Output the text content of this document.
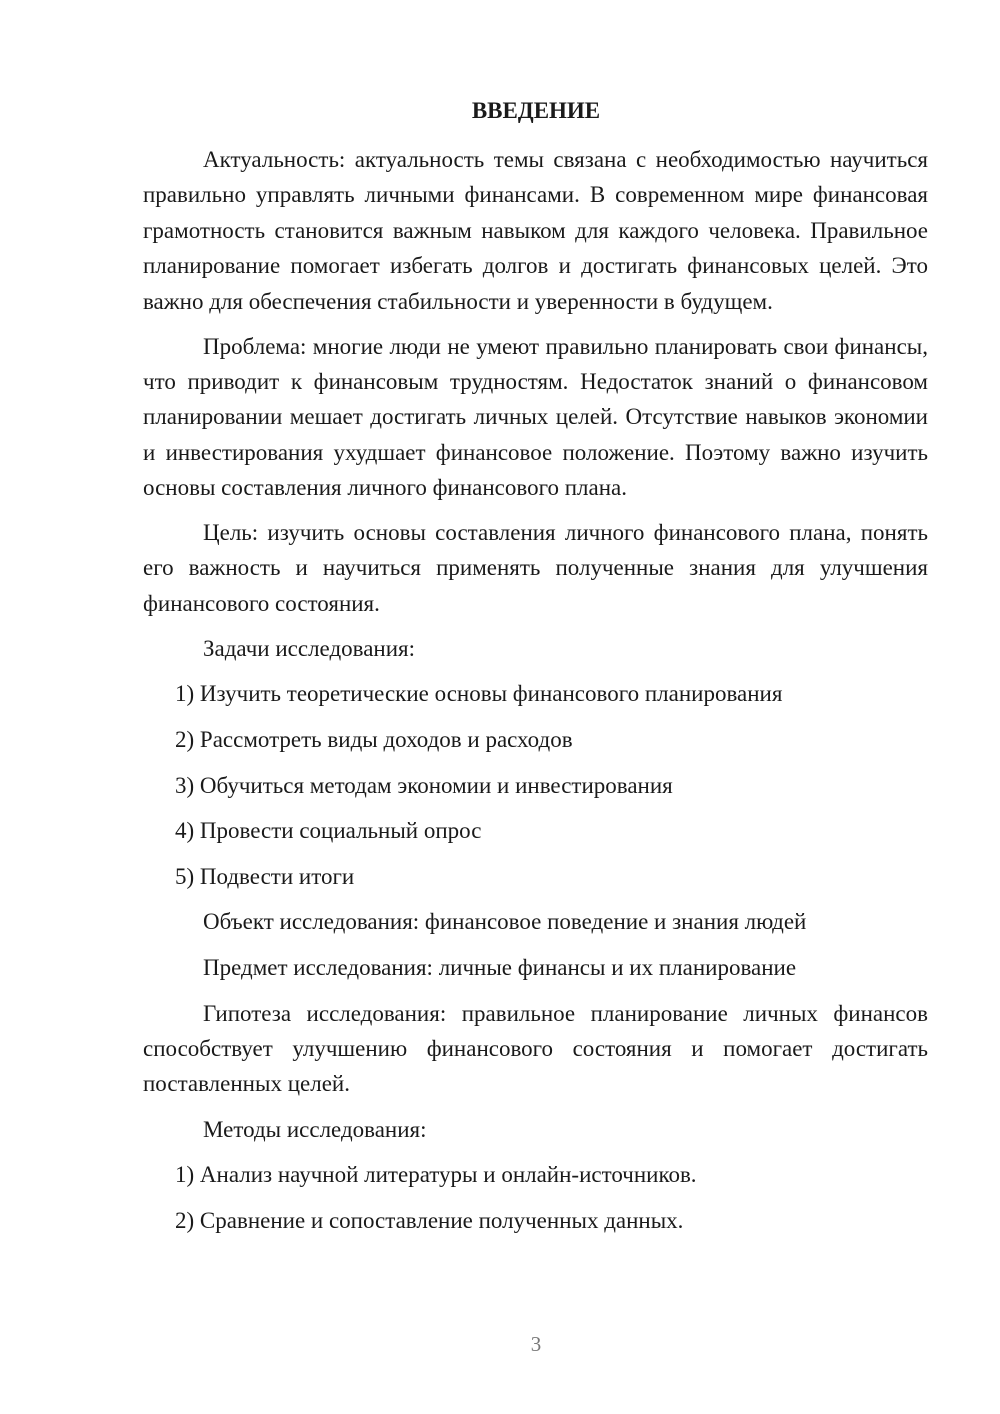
ВВЕДЕНИЕ

Актуальность: актуальность темы связана с необходимостью научиться правильно управлять личными финансами. В современном мире финансовая грамотность становится важным навыком для каждого человека. Правильное планирование помогает избегать долгов и достигать финансовых целей. Это важно для обеспечения стабильности и уверенности в будущем.

Проблема: многие люди не умеют правильно планировать свои финансы, что приводит к финансовым трудностям. Недостаток знаний о финансовом планировании мешает достигать личных целей. Отсутствие навыков экономии и инвестирования ухудшает финансовое положение. Поэтому важно изучить основы составления личного финансового плана.

Цель: изучить основы составления личного финансового плана, понять его важность и научиться применять полученные знания для улучшения финансового состояния.

Задачи исследования:

1) Изучить теоретические основы финансового планирования

2) Рассмотреть виды доходов и расходов

3) Обучиться методам экономии и инвестирования

4) Провести социальный опрос

5) Подвести итоги

Объект исследования: финансовое поведение и знания людей

Предмет исследования: личные финансы и их планирование

Гипотеза исследования: правильное планирование личных финансов способствует улучшению финансового состояния и помогает достигать поставленных целей.

Методы исследования:

1) Анализ научной литературы и онлайн-источников.

2) Сравнение и сопоставление полученных данных.

3
